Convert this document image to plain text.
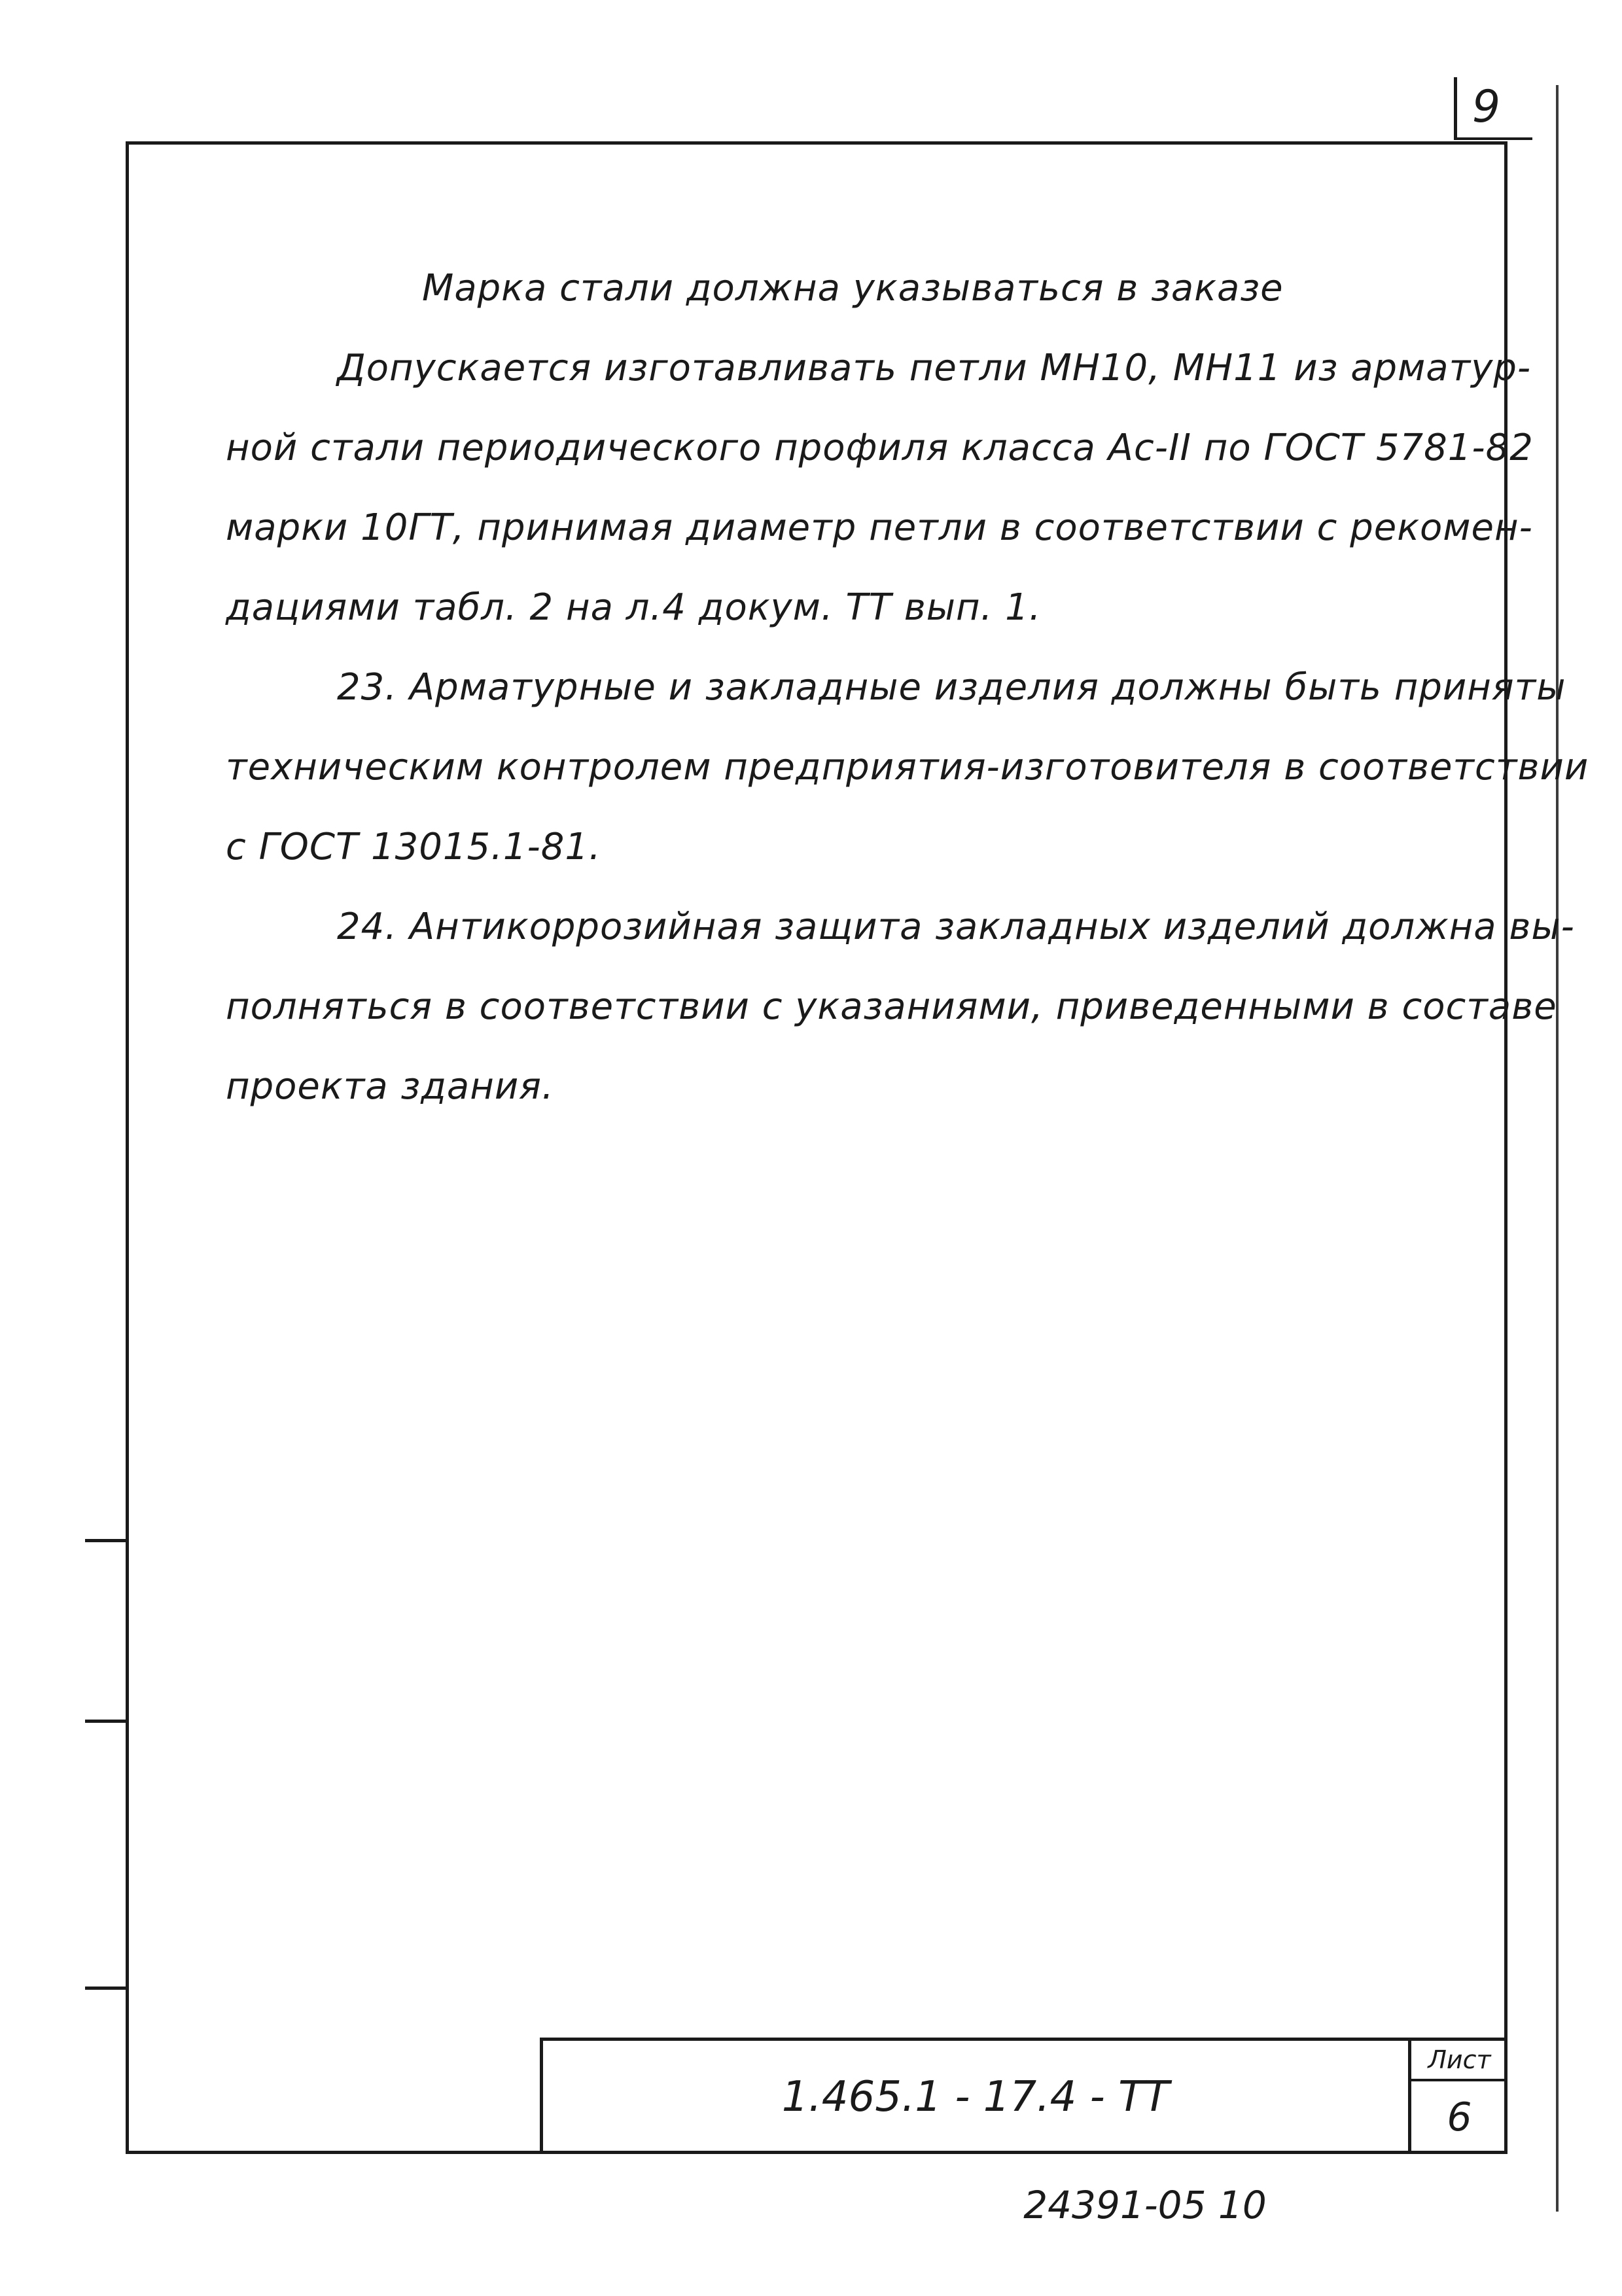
9
Марка стали должна указываться в заказе
Допускается изготавливать петли МН10, МН11 из арматур-
ной стали периодического профиля класса Ас-II по ГОСТ 5781-82
марки 10ГТ, принимая диаметр петли в соответствии с рекомен-
дациями табл. 2 на л.4 докум. ТТ вып. 1.
23. Арматурные и закладные изделия должны быть приняты
техническим контролем предприятия-изготовителя в соответствии
с ГОСТ 13015.1-81.
24. Антикоррозийная защита закладных изделий должна вы-
полняться в соответствии с указаниями, приведенными в составе
проекта здания.
1.465.1 - 17.4 - ТТ
Лист
6
24391-05 10
